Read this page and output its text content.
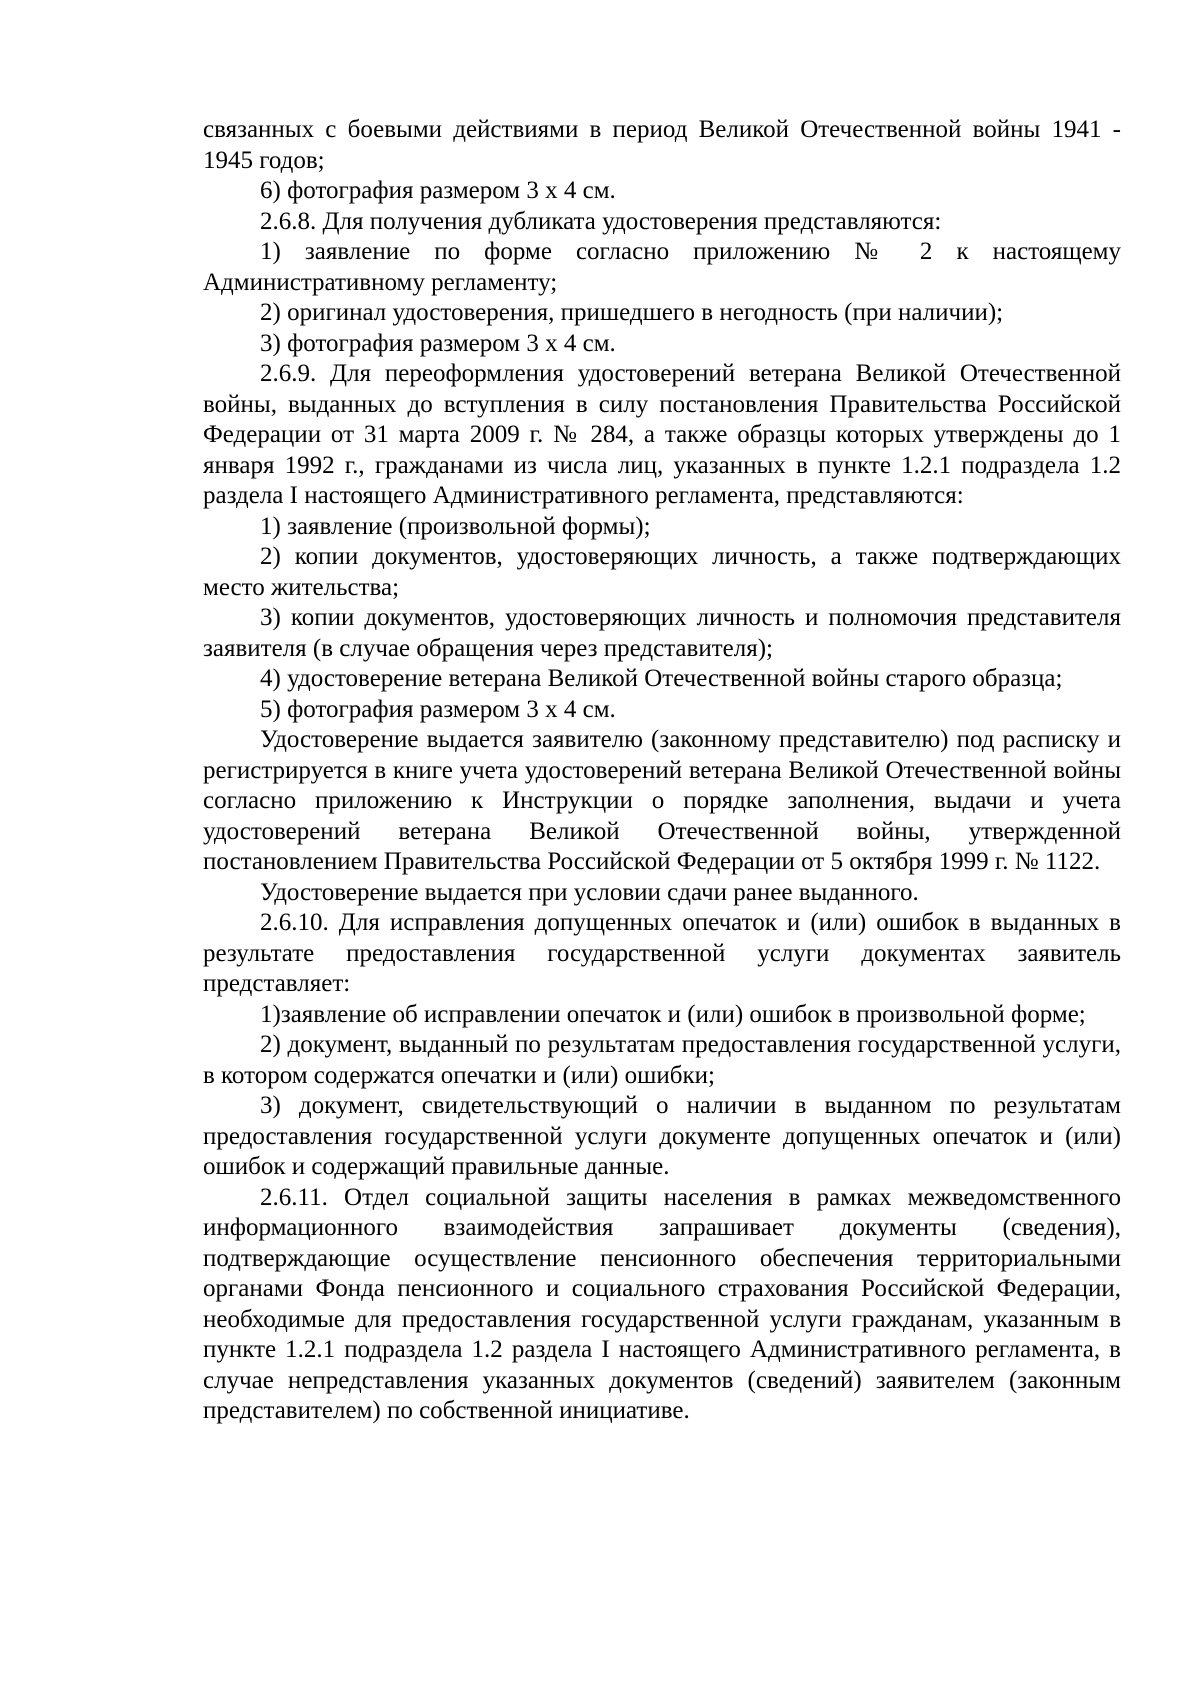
связанных с боевыми действиями в период Великой Отечественной войны 1941 - 1945 годов;

6) фотография размером 3 х 4 см.

2.6.8. Для получения дубликата удостоверения представляются:

1) заявление по форме согласно приложению № 2 к настоящему Административному регламенту;

2) оригинал удостоверения, пришедшего в негодность (при наличии);

3) фотография размером 3 х 4 см.

2.6.9. Для переоформления удостоверений ветерана Великой Отечественной войны, выданных до вступления в силу постановления Правительства Российской Федерации от 31 марта 2009 г. № 284, а также образцы которых утверждены до 1 января 1992 г., гражданами из числа лиц, указанных в пункте 1.2.1 подраздела 1.2 раздела I настоящего Административного регламента, представляются:

1) заявление (произвольной формы);

2) копии документов, удостоверяющих личность, а также подтверждающих место жительства;

3) копии документов, удостоверяющих личность и полномочия представителя заявителя (в случае обращения через представителя);

4) удостоверение ветерана Великой Отечественной войны старого образца;

5) фотография размером 3 х 4 см.

Удостоверение выдается заявителю (законному представителю) под расписку и регистрируется в книге учета удостоверений ветерана Великой Отечественной войны согласно приложению к Инструкции о порядке заполнения, выдачи и учета удостоверений ветерана Великой Отечественной войны, утвержденной постановлением Правительства Российской Федерации от 5 октября 1999 г. № 1122.

Удостоверение выдается при условии сдачи ранее выданного.

2.6.10. Для исправления допущенных опечаток и (или) ошибок в выданных в результате предоставления государственной услуги документах заявитель представляет:

1)заявление об исправлении опечаток и (или) ошибок в произвольной форме;

2) документ, выданный по результатам предоставления государственной услуги, в котором содержатся опечатки и (или) ошибки;

3) документ, свидетельствующий о наличии в выданном по результатам предоставления государственной услуги документе допущенных опечаток и (или) ошибок и содержащий правильные данные.

2.6.11. Отдел социальной защиты населения в рамках межведомственного информационного взаимодействия запрашивает документы (сведения), подтверждающие осуществление пенсионного обеспечения территориальными органами Фонда пенсионного и социального страхования Российской Федерации, необходимые для предоставления государственной услуги гражданам, указанным в пункте 1.2.1 подраздела 1.2 раздела I настоящего Административного регламента, в случае непредставления указанных документов (сведений) заявителем (законным представителем) по собственной инициативе.
